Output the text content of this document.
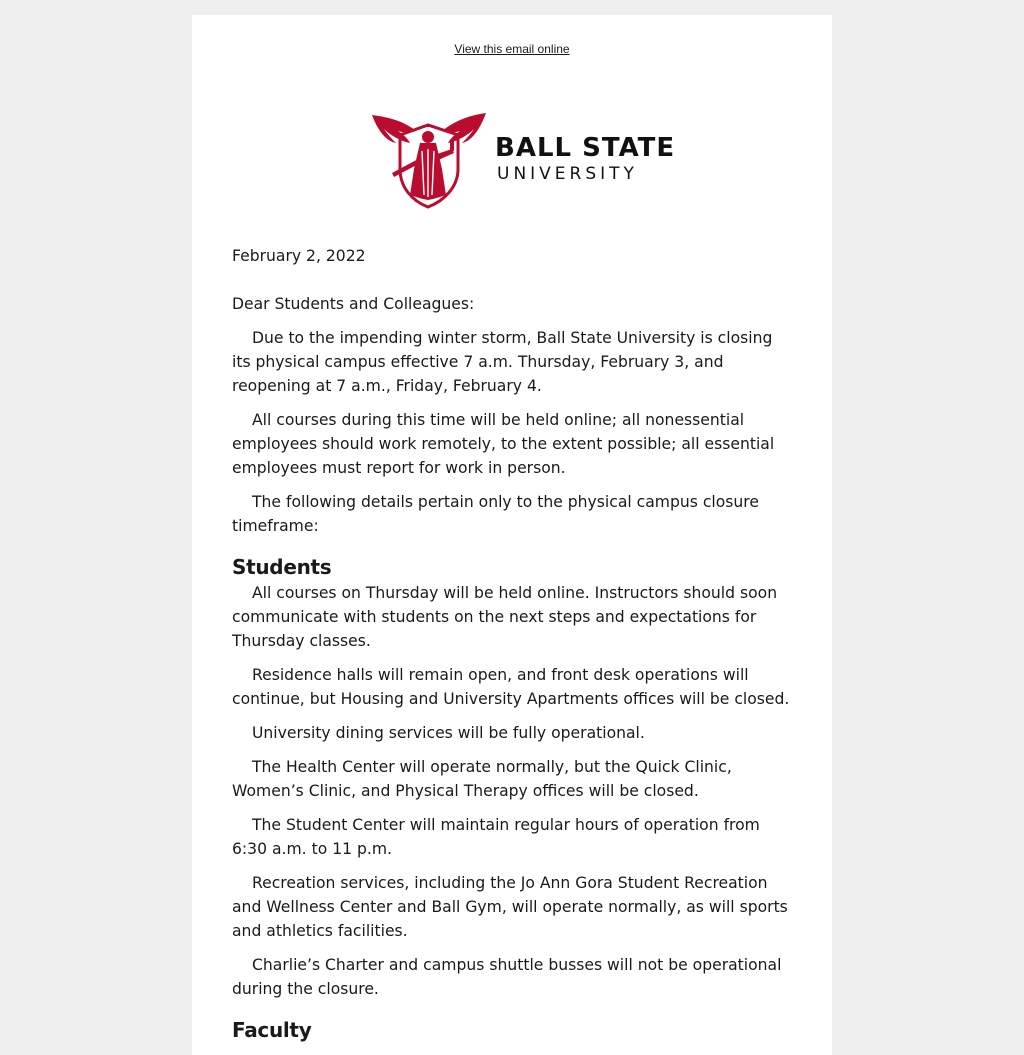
View this email online
BALL STATE
UNIVERSITY

February 2, 2022

Dear Students and Colleagues:

Due to the impending winter storm, Ball State University is closing its physical campus effective 7 a.m. Thursday, February 3, and reopening at 7 a.m., Friday, February 4.

All courses during this time will be held online; all nonessential employees should work remotely, to the extent possible; all essential employees must report for work in person.

The following details pertain only to the physical campus closure timeframe:

Students

All courses on Thursday will be held online. Instructors should soon communicate with students on the next steps and expectations for Thursday classes.

Residence halls will remain open, and front desk operations will continue, but Housing and University Apartments offices will be closed.

University dining services will be fully operational.

The Health Center will operate normally, but the Quick Clinic, Women’s Clinic, and Physical Therapy offices will be closed.

The Student Center will maintain regular hours of operation from 6:30 a.m. to 11 p.m.

Recreation services, including the Jo Ann Gora Student Recreation and Wellness Center and Ball Gym, will operate normally, as will sports and athletics facilities.

Charlie’s Charter and campus shuttle busses will not be operational during the closure.

Faculty
